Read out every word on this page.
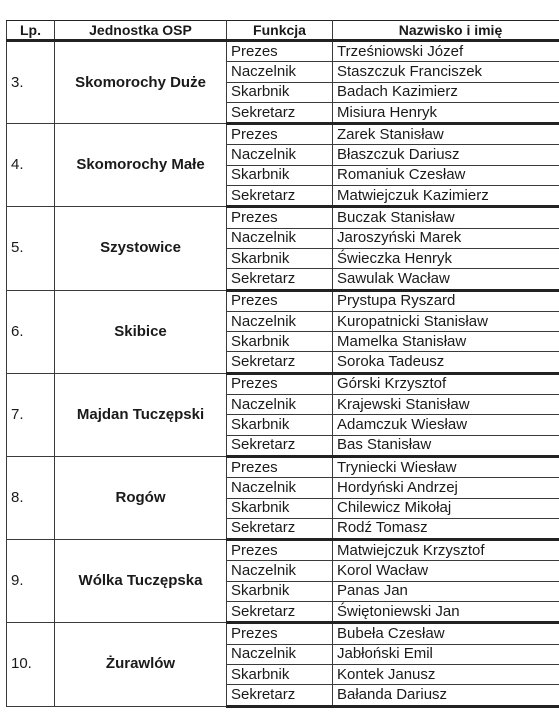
Lp.	Jednostka OSP	Funkcja	Nazwisko i imię
3.	Skomorochy Duże	Prezes	Trześniowski Józef
		Naczelnik	Staszczuk Franciszek
		Skarbnik	Badach Kazimierz
		Sekretarz	Misiura Henryk
4.	Skomorochy Małe	Prezes	Zarek Stanisław
		Naczelnik	Błaszczuk Dariusz
		Skarbnik	Romaniuk Czesław
		Sekretarz	Matwiejczuk Kazimierz
5.	Szystowice	Prezes	Buczak Stanisław
		Naczelnik	Jaroszyński Marek
		Skarbnik	Świeczka Henryk
		Sekretarz	Sawulak Wacław
6.	Skibice	Prezes	Prystupa Ryszard
		Naczelnik	Kuropatnicki Stanisław
		Skarbnik	Mamelka Stanisław
		Sekretarz	Soroka Tadeusz
7.	Majdan Tuczępski	Prezes	Górski Krzysztof
		Naczelnik	Krajewski Stanisław
		Skarbnik	Adamczuk Wiesław
		Sekretarz	Bas Stanisław
8.	Rogów	Prezes	Tryniecki Wiesław
		Naczelnik	Hordyński Andrzej
		Skarbnik	Chilewicz Mikołaj
		Sekretarz	Rodź Tomasz
9.	Wólka Tuczępska	Prezes	Matwiejczuk Krzysztof
		Naczelnik	Korol Wacław
		Skarbnik	Panas Jan
		Sekretarz	Świętoniewski Jan
10.	Żurawlów	Prezes	Bubeła Czesław
		Naczelnik	Jabłoński Emil
		Skarbnik	Kontek Janusz
		Sekretarz	Bałanda Dariusz
